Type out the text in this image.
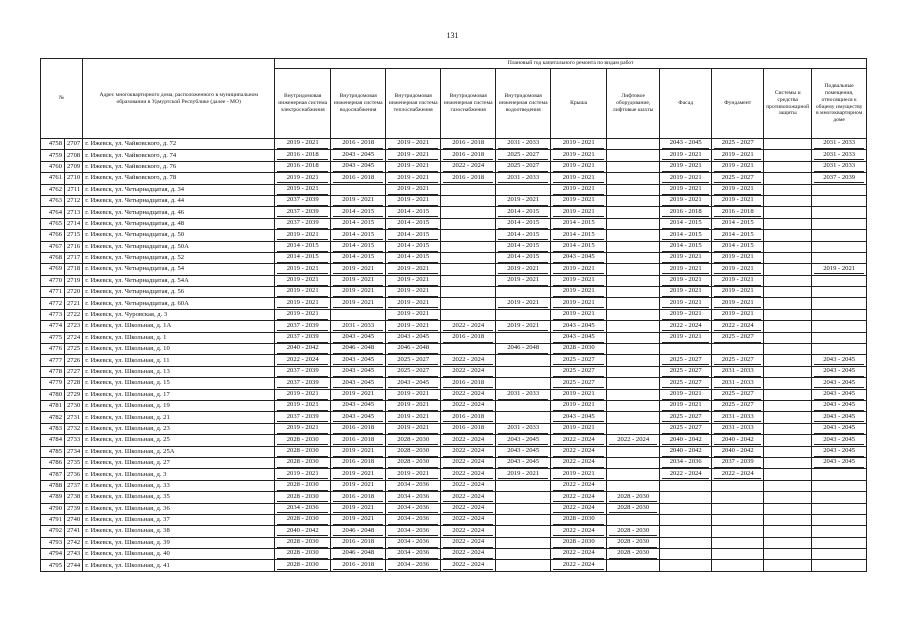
131
№		Адрес многоквартирного дома, расположенного в муниципальном образовании в Удмуртской Республике (далее - МО)	Плановый год капитального ремонта по видам работ										
			Внутридомовая инженерная система электроснабжения	Внутридомовая инженерная система водоснабжения	Внутридомовая инженерная система теплоснабжения	Внутридомовая инженерная система газоснабжения	Внутридомовая инженерная система водоотведения	Крыша	Лифтовое оборудование, лифтовые шахты	Фасад	Фундамент	Системы и средства противопожарной защиты	Подвальные помещения, относящиеся к общему имуществу в многоквартирном доме
4758	2707	г. Ижевск, ул. Чайковского, д. 72	2019 - 2021	2016 - 2018	2019 - 2021	2016 - 2018	2031 - 2033	2019 - 2021		2043 - 2045	2025 - 2027		2031 - 2033

4759	2708	г. Ижевск, ул. Чайковского, д. 74	2016 - 2018	2043 - 2045	2019 - 2021	2016 - 2018	2025 - 2027	2019 - 2021		2019 - 2021	2019 - 2021		2031 - 2033

4760	2709	г. Ижевск, ул. Чайковского, д. 76	2016 - 2018	2043 - 2045	2019 - 2021	2022 - 2024	2025 - 2027	2019 - 2021		2019 - 2021	2019 - 2021		2031 - 2033

4761	2710	г. Ижевск, ул. Чайковского, д. 78	2019 - 2021	2016 - 2018	2019 - 2021	2016 - 2018	2031 - 2033	2019 - 2021		2019 - 2021	2025 - 2027		2037 - 2039

4762	2711	г. Ижевск, ул. Четырнадцатая, д. 34	2019 - 2021		2019 - 2021			2019 - 2021		2019 - 2021	2019 - 2021		

4763	2712	г. Ижевск, ул. Четырнадцатая, д. 44	2037 - 2039	2019 - 2021	2019 - 2021		2019 - 2021	2019 - 2021		2019 - 2021	2019 - 2021		

4764	2713	г. Ижевск, ул. Четырнадцатая, д. 46	2037 - 2039	2014 - 2015	2014 - 2015		2014 - 2015	2019 - 2021		2016 - 2018	2016 - 2018		

4765	2714	г. Ижевск, ул. Четырнадцатая, д. 48	2037 - 2039	2014 - 2015	2014 - 2015		2014 - 2015	2014 - 2015		2014 - 2015	2014 - 2015		

4766	2715	г. Ижевск, ул. Четырнадцатая, д. 50	2019 - 2021	2014 - 2015	2014 - 2015		2014 - 2015	2014 - 2015		2014 - 2015	2014 - 2015		

4767	2716	г. Ижевск, ул. Четырнадцатая, д. 50А	2014 - 2015	2014 - 2015	2014 - 2015		2014 - 2015	2014 - 2015		2014 - 2015	2014 - 2015		

4768	2717	г. Ижевск, ул. Четырнадцатая, д. 52	2014 - 2015	2014 - 2015	2014 - 2015		2014 - 2015	2043 - 2045		2019 - 2021	2019 - 2021		

4769	2718	г. Ижевск, ул. Четырнадцатая, д. 54	2019 - 2021	2019 - 2021	2019 - 2021		2019 - 2021	2019 - 2021		2019 - 2021	2019 - 2021		2019 - 2021

4770	2719	г. Ижевск, ул. Четырнадцатая, д. 54А	2019 - 2021	2019 - 2021	2019 - 2021		2019 - 2021	2019 - 2021		2019 - 2021	2019 - 2021		

4771	2720	г. Ижевск, ул. Четырнадцатая, д. 56	2019 - 2021	2019 - 2021	2019 - 2021			2019 - 2021		2019 - 2021	2019 - 2021		

4772	2721	г. Ижевск, ул. Четырнадцатая, д. 60А	2019 - 2021	2019 - 2021	2019 - 2021		2019 - 2021	2019 - 2021		2019 - 2021	2019 - 2021		

4773	2722	г. Ижевск, ул. Чуровская, д. 3	2019 - 2021		2019 - 2021			2019 - 2021		2019 - 2021	2019 - 2021		

4774	2723	г. Ижевск, ул. Школьная, д. 1А	2037 - 2039	2031 - 2033	2019 - 2021	2022 - 2024	2019 - 2021	2043 - 2045		2022 - 2024	2022 - 2024		

4775	2724	г. Ижевск, ул. Школьная, д. 1	2037 - 2039	2043 - 2045	2043 - 2045	2016 - 2018		2043 - 2045		2019 - 2021	2025 - 2027		

4776	2725	г. Ижевск, ул. Школьная, д. 10	2040 - 2042	2046 - 2048	2046 - 2048		2046 - 2048	2028 - 2030					

4777	2726	г. Ижевск, ул. Школьная, д. 11	2022 - 2024	2043 - 2045	2025 - 2027	2022 - 2024		2025 - 2027		2025 - 2027	2025 - 2027		2043 - 2045

4778	2727	г. Ижевск, ул. Школьная, д. 13	2037 - 2039	2043 - 2045	2025 - 2027	2022 - 2024		2025 - 2027		2025 - 2027	2031 - 2033		2043 - 2045

4779	2728	г. Ижевск, ул. Школьная, д. 15	2037 - 2039	2043 - 2045	2043 - 2045	2016 - 2018		2025 - 2027		2025 - 2027	2031 - 2033		2043 - 2045

4780	2729	г. Ижевск, ул. Школьная, д. 17	2019 - 2021	2019 - 2021	2019 - 2021	2022 - 2024	2031 - 2033	2019 - 2021		2019 - 2021	2025 - 2027		2043 - 2045

4781	2730	г. Ижевск, ул. Школьная, д. 19	2019 - 2021	2043 - 2045	2019 - 2021	2022 - 2024		2019 - 2021		2019 - 2021	2025 - 2027		2043 - 2045

4782	2731	г. Ижевск, ул. Школьная, д. 21	2037 - 2039	2043 - 2045	2019 - 2021	2016 - 2018		2043 - 2045		2025 - 2027	2031 - 2033		2043 - 2045

4783	2732	г. Ижевск, ул. Школьная, д. 23	2019 - 2021	2016 - 2018	2019 - 2021	2016 - 2018	2031 - 2033	2019 - 2021		2025 - 2027	2031 - 2033		2043 - 2045

4784	2733	г. Ижевск, ул. Школьная, д. 25	2028 - 2030	2016 - 2018	2028 - 2030	2022 - 2024	2043 - 2045	2022 - 2024	2022 - 2024	2040 - 2042	2040 - 2042		2043 - 2045

4785	2734	г. Ижевск, ул. Школьная, д. 25А	2028 - 2030	2019 - 2021	2028 - 2030	2022 - 2024	2043 - 2045	2022 - 2024		2040 - 2042	2040 - 2042		2043 - 2045

4786	2735	г. Ижевск, ул. Школьная, д. 27	2028 - 2030	2016 - 2018	2028 - 2030	2022 - 2024	2043 - 2045	2022 - 2024		2034 - 2036	2037 - 2039		2043 - 2045

4787	2736	г. Ижевск, ул. Школьная, д. 3	2019 - 2021	2019 - 2021	2019 - 2021	2022 - 2024	2019 - 2021	2019 - 2021		2022 - 2024	2022 - 2024		

4788	2737	г. Ижевск, ул. Школьная, д. 33	2028 - 2030	2019 - 2021	2034 - 2036	2022 - 2024		2022 - 2024					

4789	2738	г. Ижевск, ул. Школьная, д. 35	2028 - 2030	2016 - 2018	2034 - 2036	2022 - 2024		2022 - 2024	2028 - 2030				

4790	2739	г. Ижевск, ул. Школьная, д. 36	2034 - 2036	2019 - 2021	2034 - 2036	2022 - 2024		2022 - 2024	2028 - 2030				

4791	2740	г. Ижевск, ул. Школьная, д. 37	2028 - 2030	2019 - 2021	2034 - 2036	2022 - 2024		2028 - 2030					

4792	2741	г. Ижевск, ул. Школьная, д. 38	2040 - 2042	2046 - 2048	2034 - 2036	2022 - 2024		2022 - 2024	2028 - 2030				

4793	2742	г. Ижевск, ул. Школьная, д. 39	2028 - 2030	2016 - 2018	2034 - 2036	2022 - 2024		2028 - 2030	2028 - 2030				

4794	2743	г. Ижевск, ул. Школьная, д. 40	2028 - 2030	2046 - 2048	2034 - 2036	2022 - 2024		2022 - 2024	2028 - 2030				

4795	2744	г. Ижевск, ул. Школьная, д. 41	2028 - 2030	2016 - 2018	2034 - 2036	2022 - 2024		2022 - 2024					
